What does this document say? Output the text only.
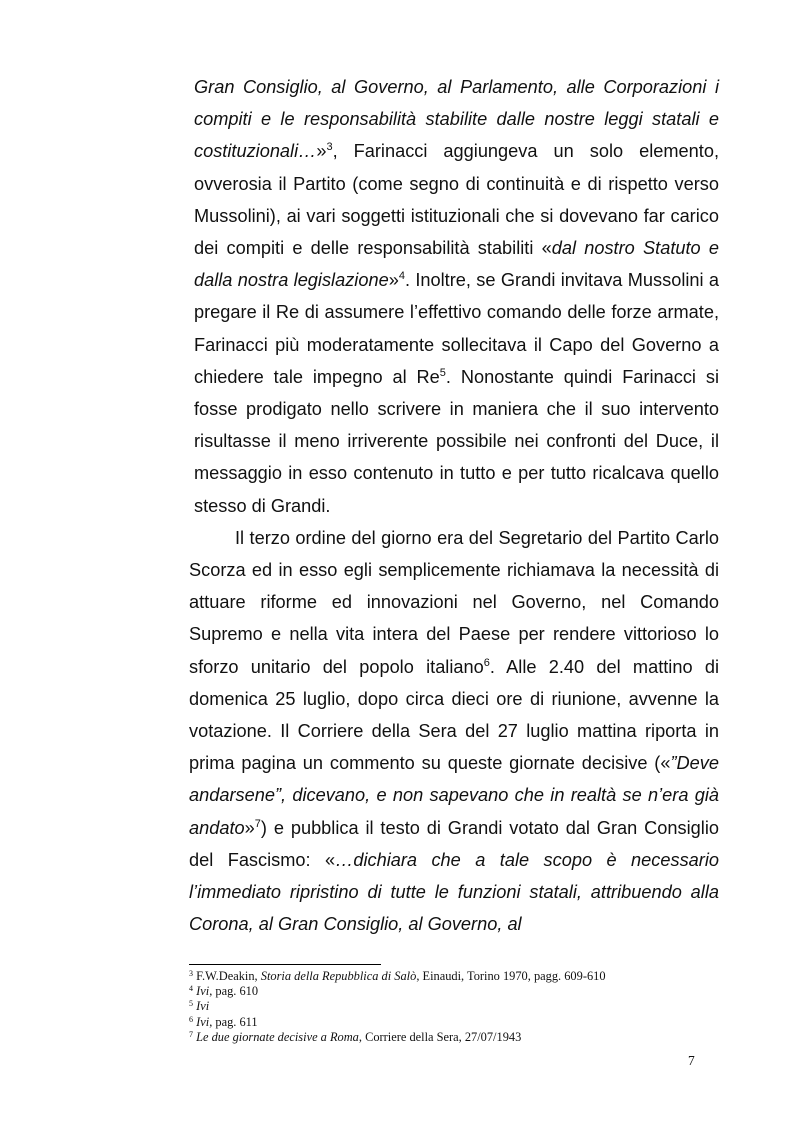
Gran Consiglio, al Governo, al Parlamento, alle Corporazioni i compiti e le responsabilità stabilite dalle nostre leggi statali e costituzionali…»$^3$, Farinacci aggiungeva un solo elemento, ovverosia il Partito (come segno di continuità e di rispetto verso Mussolini), ai vari soggetti istituzionali che si dovevano far carico dei compiti e delle responsabilità stabiliti «dal nostro Statuto e dalla nostra legislazione»$^4$. Inoltre, se Grandi invitava Mussolini a pregare il Re di assumere l’effettivo comando delle forze armate, Farinacci più moderatamente sollecitava il Capo del Governo a chiedere tale impegno al Re$^5$. Nonostante quindi Farinacci si fosse prodigato nello scrivere in maniera che il suo intervento risultasse il meno irriverente possibile nei confronti del Duce, il messaggio in esso contenuto in tutto e per tutto ricalcava quello stesso di Grandi.

Il terzo ordine del giorno era del Segretario del Partito Carlo Scorza ed in esso egli semplicemente richiamava la necessità di attuare riforme ed innovazioni nel Governo, nel Comando Supremo e nella vita intera del Paese per rendere vittorioso lo sforzo unitario del popolo italiano$^6$. Alle 2.40 del mattino di domenica 25 luglio, dopo circa dieci ore di riunione, avvenne la votazione. Il Corriere della Sera del 27 luglio mattina riporta in prima pagina un commento su queste giornate decisive («”Deve andarsene”, dicevano, e non sapevano che in realtà se n’era già andato»$^7$) e pubblica il testo di Grandi votato dal Gran Consiglio del Fascismo: «…dichiara che a tale scopo è necessario l’immediato ripristino di tutte le funzioni statali, attribuendo alla Corona, al Gran Consiglio, al Governo, al

$^3$ F.W.Deakin, Storia della Repubblica di Salò, Einaudi, Torino 1970, pagg. 609-610
$^4$ Ivi, pag. 610
$^5$ Ivi
$^6$ Ivi, pag. 611
$^7$ Le due giornate decisive a Roma, Corriere della Sera, 27/07/1943
7
